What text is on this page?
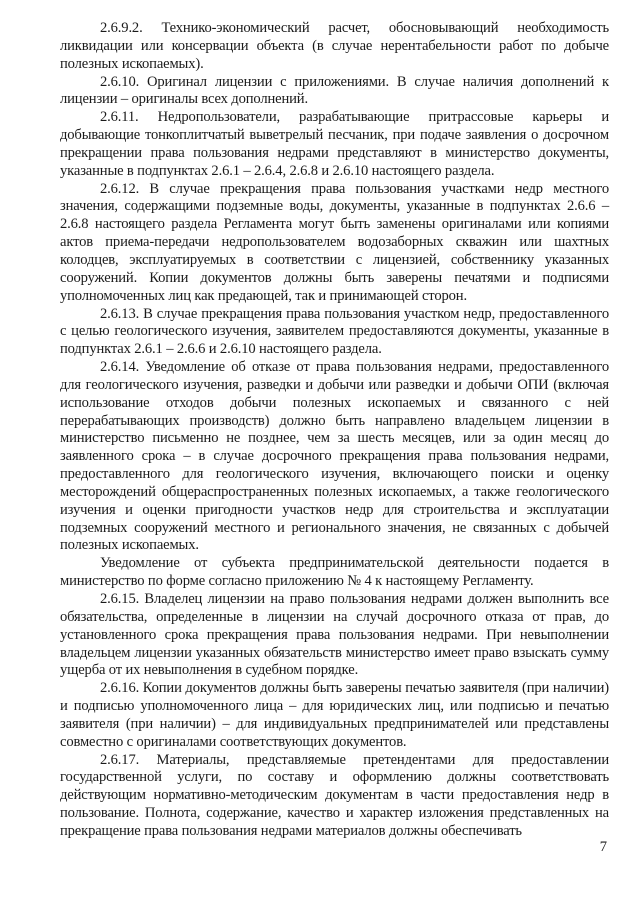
2.6.9.2. Технико-экономический расчет, обосновывающий необходимость ликвидации или консервации объекта (в случае нерентабельности работ по добыче полезных ископаемых).

2.6.10. Оригинал лицензии с приложениями. В случае наличия дополнений к лицензии – оригиналы всех дополнений.

2.6.11. Недропользователи, разрабатывающие притрассовые карьеры и добывающие тонкоплитчатый выветрелый песчаник, при подаче заявления о досрочном прекращении права пользования недрами представляют в министерство документы, указанные в подпунктах 2.6.1 – 2.6.4, 2.6.8 и 2.6.10 настоящего раздела.

2.6.12. В случае прекращения права пользования участками недр местного значения, содержащими подземные воды, документы, указанные в подпунктах 2.6.6 – 2.6.8 настоящего раздела Регламента могут быть заменены оригиналами или копиями актов приема-передачи недропользователем водозаборных скважин или шахтных колодцев, эксплуатируемых в соответствии с лицензией, собственнику указанных сооружений. Копии документов должны быть заверены печатями и подписями уполномоченных лиц как предающей, так и принимающей сторон.

2.6.13. В случае прекращения права пользования участком недр, предоставленного с целью геологического изучения, заявителем предоставляются документы, указанные в подпунктах 2.6.1 – 2.6.6 и 2.6.10 настоящего раздела.

2.6.14. Уведомление об отказе от права пользования недрами, предоставленного для геологического изучения, разведки и добычи или разведки и добычи ОПИ (включая использование отходов добычи полезных ископаемых и связанного с ней перерабатывающих производств) должно быть направлено владельцем лицензии в министерство письменно не позднее, чем за шесть месяцев, или за один месяц до заявленного срока – в случае досрочного прекращения права пользования недрами, предоставленного для геологического изучения, включающего поиски и оценку месторождений общераспространенных полезных ископаемых, а также геологического изучения и оценки пригодности участков недр для строительства и эксплуатации подземных сооружений местного и регионального значения, не связанных с добычей полезных ископаемых.

Уведомление от субъекта предпринимательской деятельности подается в министерство по форме согласно приложению № 4 к настоящему Регламенту.

2.6.15. Владелец лицензии на право пользования недрами должен выполнить все обязательства, определенные в лицензии на случай досрочного отказа от прав, до установленного срока прекращения права пользования недрами. При невыполнении владельцем лицензии указанных обязательств министерство имеет право взыскать сумму ущерба от их невыполнения в судебном порядке.

2.6.16. Копии документов должны быть заверены печатью заявителя (при наличии) и подписью уполномоченного лица – для юридических лиц, или подписью и печатью заявителя (при наличии) – для индивидуальных предпринимателей или представлены совместно с оригиналами соответствующих документов.

2.6.17. Материалы, представляемые претендентами для предоставлении государственной услуги, по составу и оформлению должны соответствовать действующим нормативно-методическим документам в части предоставления недр в пользование. Полнота, содержание, качество и характер изложения представленных на прекращение права пользования недрами материалов должны обеспечивать

7
